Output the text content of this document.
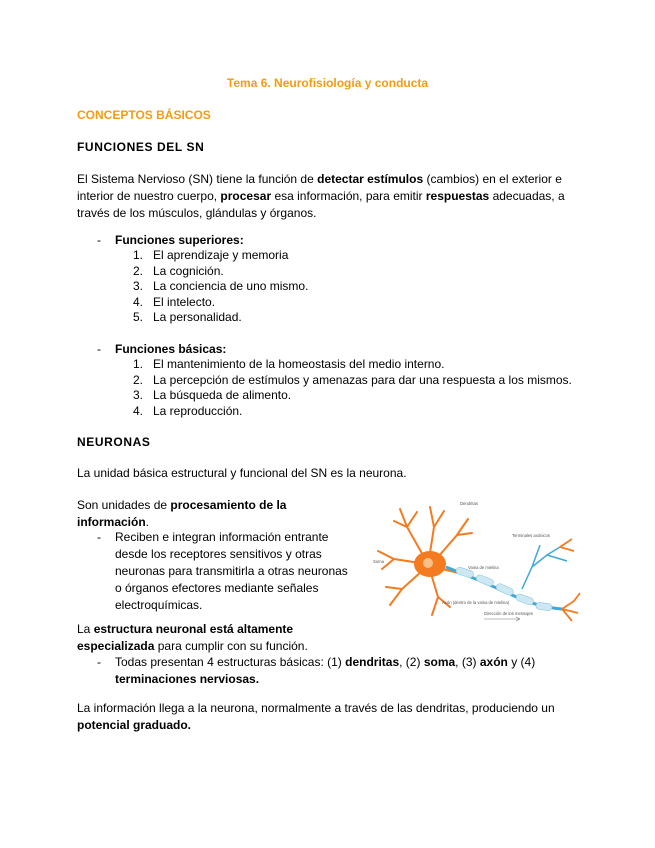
Tema 6. Neurofisiología y conducta
CONCEPTOS BÁSICOS
FUNCIONES DEL SN
El Sistema Nervioso (SN) tiene la función de detectar estímulos (cambios) en el exterior e
interior de nuestro cuerpo, procesar esa información, para emitir respuestas adecuadas, a
través de los músculos, glándulas y órganos.
- Funciones superiores:
1. El aprendizaje y memoria
2. La cognición.
3. La conciencia de uno mismo.
4. El intelecto.
5. La personalidad.
- Funciones básicas:
1. El mantenimiento de la homeostasis del medio interno.
2. La percepción de estímulos y amenazas para dar una respuesta a los mismos.
3. La búsqueda de alimento.
4. La reproducción.
NEURONAS
La unidad básica estructural y funcional del SN es la neurona.
Son unidades de procesamiento de la
información.
- Reciben e integran información entrante
desde los receptores sensitivos y otras
neuronas para transmitirla a otras neuronas
o órganos efectores mediante señales
electroquímicas.
Dendritas
Terminales axónicos
Soma
Vaina de mielina
Axón (dentro de la vaina de mielina)
Dirección de los mensajes
La estructura neuronal está altamente
especializada para cumplir con su función.
- Todas presentan 4 estructuras básicas: (1) dendritas, (2) soma, (3) axón y (4)
terminaciones nerviosas.
La información llega a la neurona, normalmente a través de las dendritas, produciendo un
potencial graduado.
